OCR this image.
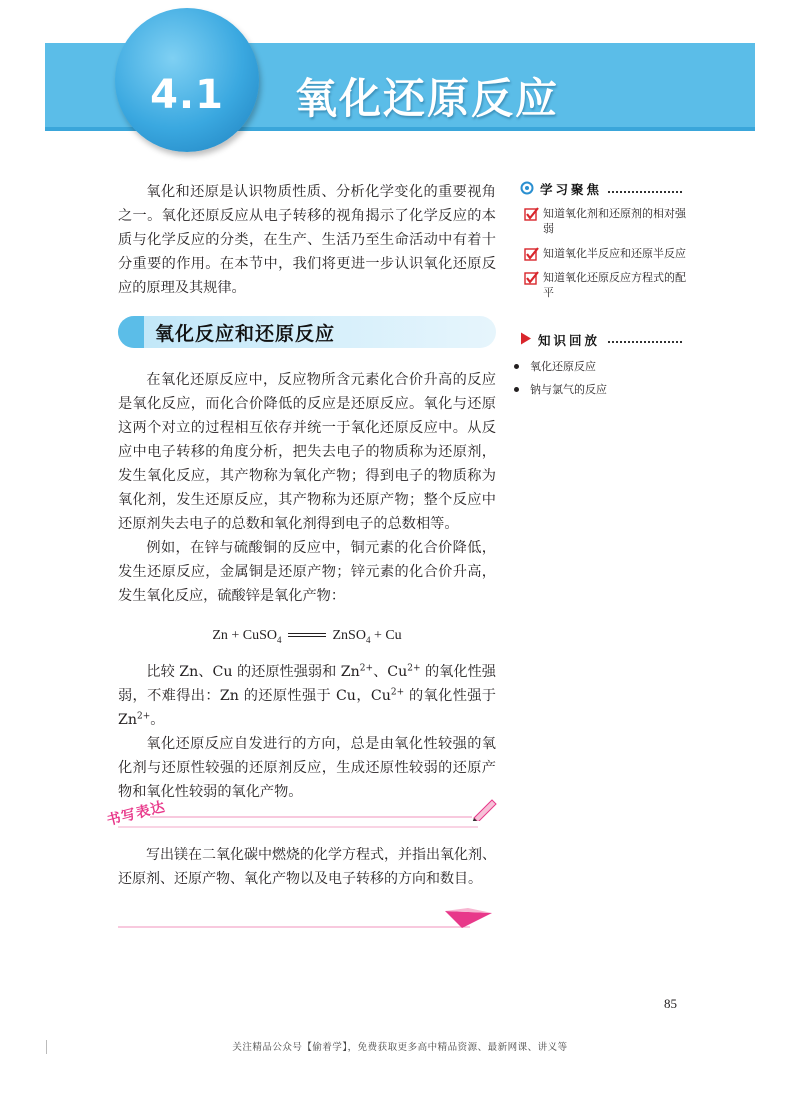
4.1	氧化还原反应

氧化和还原是认识物质性质、分析化学变化的重要视角之一。氧化还原反应从电子转移的视角揭示了化学反应的本质与化学反应的分类，在生产、生活乃至生命活动中有着十分重要的作用。在本节中，我们将更进一步认识氧化还原反应的原理及其规律。

氧化反应和还原反应

在氧化还原反应中，反应物所含元素化合价升高的反应是氧化反应，而化合价降低的反应是还原反应。氧化与还原这两个对立的过程相互依存并统一于氧化还原反应中。从反应中电子转移的角度分析，把失去电子的物质称为还原剂，发生氧化反应，其产物称为氧化产物；得到电子的物质称为氧化剂，发生还原反应，其产物称为还原产物；整个反应中还原剂失去电子的总数和氧化剂得到电子的总数相等。

例如，在锌与硫酸铜的反应中，铜元素的化合价降低，发生还原反应，金属铜是还原产物；锌元素的化合价升高，发生氧化反应，硫酸锌是氧化产物：

Zn + CuSO$_4$	ZnSO$_4$ + Cu

比较 Zn、Cu 的还原性强弱和 $Zn^{2+}$、$Cu^{2+}$ 的氧化性强弱，不难得出：Zn 的还原性强于 Cu，$Cu^{2+}$ 的氧化性强于 $Zn^{2+}$。

氧化还原反应自发进行的方向，总是由氧化性较强的氧化剂与还原性较强的还原剂反应，生成还原性较弱的还原产物和氧化性较弱的氧化产物。

学习聚焦
知道氧化剂和还原剂的相对强弱
知道氧化半反应和还原半反应
知道氧化还原反应方程式的配平
知识回放
氧化还原反应
钠与氯气的反应
书写表达

写出镁在二氧化碳中燃烧的化学方程式，并指出氧化剂、还原剂、还原产物、氧化产物以及电子转移的方向和数目。

85
关注精品公众号【偷着学】，免费获取更多高中精品资源、最新网课、讲义等
